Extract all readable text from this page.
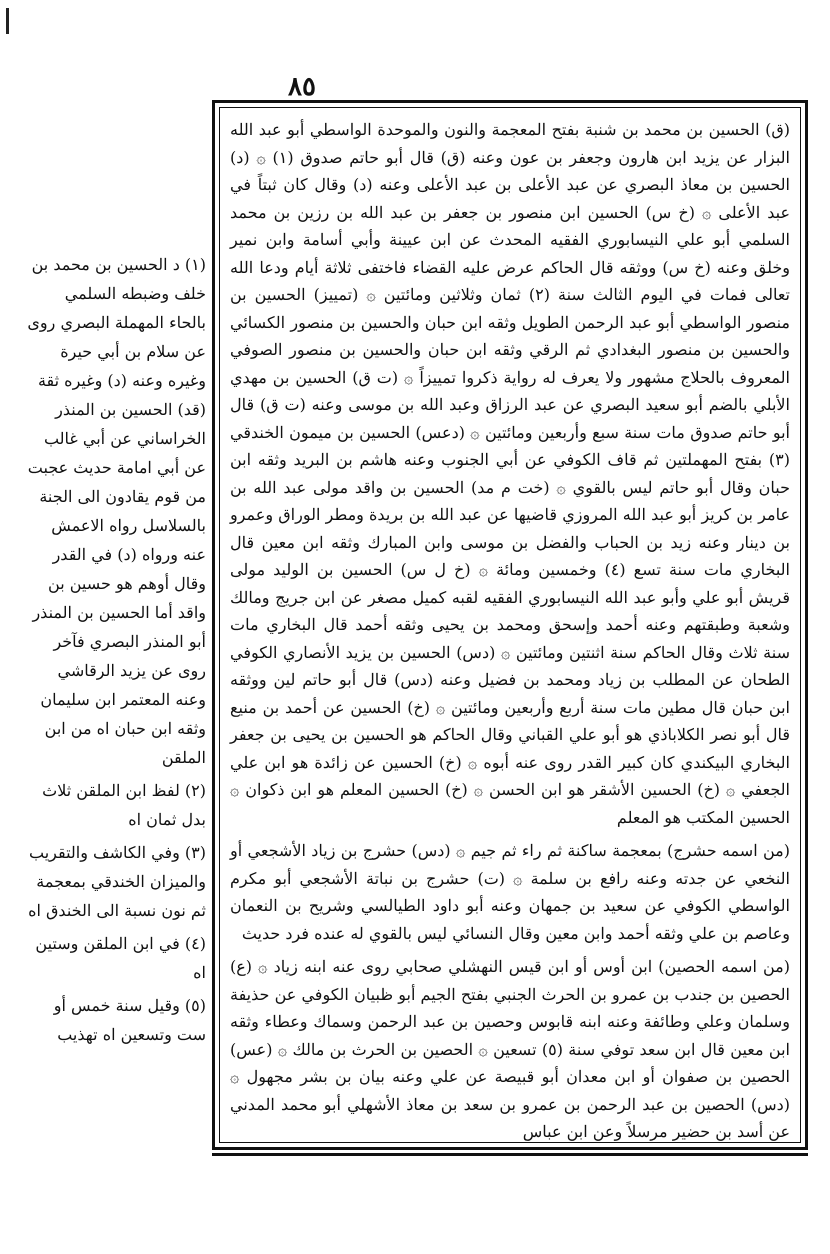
٨٥

(ق) الحسين بن محمد بن شنبة بفتح المعجمة والنون والموحدة الواسطي أبو عبد الله البزار عن يزيد ابن هارون وجعفر بن عون وعنه (ق) قال أبو حاتم صدوق (١) ۞ (د) الحسين بن معاذ البصري عن عبد الأعلى بن عبد الأعلى وعنه (د) وقال كان ثبتاً في عبد الأعلى ۞ (خ س) الحسين ابن منصور بن جعفر بن عبد الله بن رزين بن محمد السلمي أبو علي النيسابوري الفقيه المحدث عن ابن عيينة وأبي أسامة وابن نمير وخلق وعنه (خ س) ووثقه قال الحاكم عرض عليه القضاء فاختفى ثلاثة أيام ودعا الله تعالى فمات في اليوم الثالث سنة (٢) ثمان وثلاثين ومائتين ۞ (تمييز) الحسين بن منصور الواسطي أبو عبد الرحمن الطويل وثقه ابن حبان والحسين بن منصور الكسائي والحسين بن منصور البغدادي ثم الرقي وثقه ابن حبان والحسين بن منصور الصوفي المعروف بالحلاج مشهور ولا يعرف له رواية ذكروا تمييزاً ۞ (ت ق) الحسين بن مهدي الأبلي بالضم أبو سعيد البصري عن عبد الرزاق وعبد الله بن موسى وعنه (ت ق) قال أبو حاتم صدوق مات سنة سبع وأربعين ومائتين ۞ (دعس) الحسين بن ميمون الخندقي (٣) بفتح المهملتين ثم قاف الكوفي عن أبي الجنوب وعنه هاشم بن البريد وثقه ابن حبان وقال أبو حاتم ليس بالقوي ۞ (خت م مد) الحسين بن واقد مولى عبد الله بن عامر بن كريز أبو عبد الله المروزي قاضيها عن عبد الله بن بريدة ومطر الوراق وعمرو بن دينار وعنه زيد بن الحباب والفضل بن موسى وابن المبارك وثقه ابن معين قال البخاري مات سنة تسع (٤) وخمسين ومائة ۞ (خ ل س) الحسين بن الوليد مولى قريش أبو علي وأبو عبد الله النيسابوري الفقيه لقبه كميل مصغر عن ابن جريج ومالك وشعبة وطبقتهم وعنه أحمد وإسحق ومحمد بن يحيى وثقه أحمد قال البخاري مات سنة ثلاث وقال الحاكم سنة اثنتين ومائتين ۞ (دس) الحسين بن يزيد الأنصاري الكوفي الطحان عن المطلب بن زياد ومحمد بن فضيل وعنه (دس) قال أبو حاتم لين ووثقه ابن حبان قال مطين مات سنة أربع وأربعين ومائتين ۞ (خ) الحسين عن أحمد بن منيع قال أبو نصر الكلاباذي هو أبو علي القباني وقال الحاكم هو الحسين بن يحيى بن جعفر البخاري البيكندي كان كبير القدر روى عنه أبوه ۞ (خ) الحسين عن زائدة هو ابن علي الجعفي ۞ (خ) الحسين الأشقر هو ابن الحسن ۞ (خ) الحسين المعلم هو ابن ذكوان ۞ الحسين المكتب هو المعلم

(من اسمه حشرج) بمعجمة ساكنة ثم راء ثم جيم ۞ (دس) حشرج بن زياد الأشجعي أو النخعي عن جدته وعنه رافع بن سلمة ۞ (ت) حشرج بن نباتة الأشجعي أبو مكرم الواسطي الكوفي عن سعيد بن جمهان وعنه أبو داود الطيالسي وشريح بن النعمان وعاصم بن علي وثقه أحمد وابن معين وقال النسائي ليس بالقوي له عنده فرد حديث

(من اسمه الحصين) ابن أوس أو ابن قيس النهشلي صحابي روى عنه ابنه زياد ۞ (ع) الحصين بن جندب بن عمرو بن الحرث الجنبي بفتح الجيم أبو ظبيان الكوفي عن حذيفة وسلمان وعلي وطائفة وعنه ابنه قابوس وحصين بن عبد الرحمن وسماك وعطاء وثقه ابن معين قال ابن سعد توفي سنة (٥) تسعين ۞ الحصين بن الحرث بن مالك ۞ (عس) الحصين بن صفوان أو ابن معدان أبو قبيصة عن علي وعنه بيان بن بشر مجهول ۞ (دس) الحصين بن عبد الرحمن بن عمرو بن سعد بن معاذ الأشهلي أبو محمد المدني عن أسد بن حضير مرسلاً وعن ابن عباس

(١) د الحسين بن محمد بن خلف وضبطه السلمي بالحاء المهملة البصري روى عن سلام بن أبي حيرة وغيره وعنه (د) وغيره ثقة (قد) الحسين بن المنذر الخراساني عن أبي غالب عن أبي امامة حديث عجبت من قوم يقادون الى الجنة بالسلاسل رواه الاعمش عنه ورواه (د) في القدر وقال أوهم هو حسين بن واقد أما الحسين بن المنذر أبو المنذر البصري فآخر روى عن يزيد الرقاشي وعنه المعتمر ابن سليمان وثقه ابن حبان اه من ابن الملقن

(٢) لفظ ابن الملقن ثلاث بدل ثمان اه

(٣) وفي الكاشف والتقريب والميزان الخندقي بمعجمة ثم نون نسبة الى الخندق اه

(٤) في ابن الملقن وستين اه

(٥) وقيل سنة خمس أو ست وتسعين اه تهذيب
